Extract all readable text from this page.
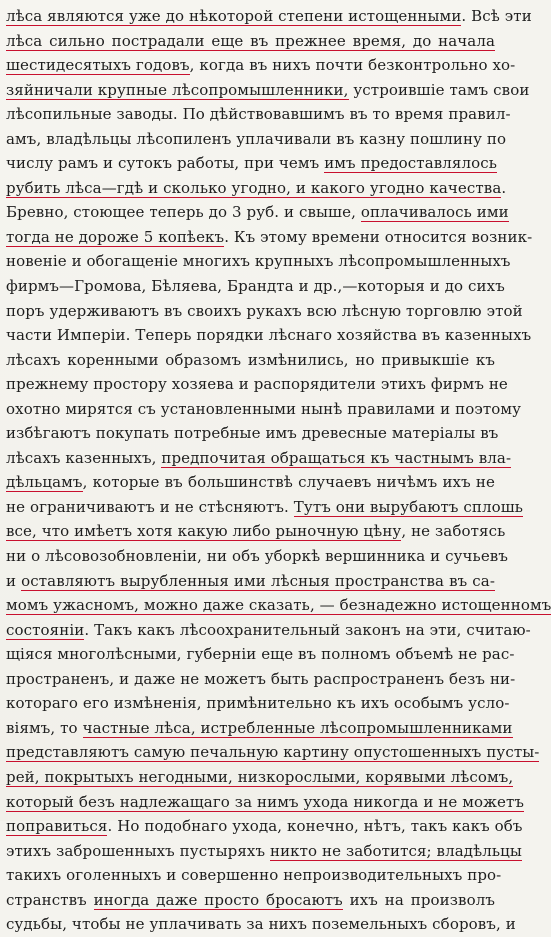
лѣса являются уже до нѣкоторой степени истощенными. Всѣ эти
лѣса сильно пострадали еще въ прежнее время, до начала
шестидесятыхъ годовъ, когда въ нихъ почти безконтрольно хо-
зяйничали крупные лѣсопромышленники, устроившіе тамъ свои
лѣсопильные заводы. По дѣйствовавшимъ въ то время правил-
амъ, владѣльцы лѣсопиленъ уплачивали въ казну пошлину по
числу рамъ и сутокъ работы, при чемъ имъ предоставлялось
рубить лѣса—гдѣ и сколько угодно, и какого угодно качества.
Бревно, стоющее теперь до 3 руб. и свыше, оплачивалось ими
тогда не дороже 5 копѣекъ. Къ этому времени относится возник-
новеніе и обогащеніе многихъ крупныхъ лѣсопромышленныхъ
фирмъ—Громова, Бѣляева, Брандта и др.,—которыя и до сихъ
поръ удерживаютъ въ своихъ рукахъ всю лѣсную торговлю этой
части Имперіи. Теперь порядки лѣснаго хозяйства въ казенныхъ
лѣсахъ коренными образомъ измѣнились, но привыкшіе къ
прежнему простору хозяева и распорядители этихъ фирмъ не
охотно мирятся съ установленными нынѣ правилами и поэтому
избѣгаютъ покупать потребные имъ древесные матеріалы въ
лѣсахъ казенныхъ, предпочитая обращаться къ частнымъ вла-
дѣльцамъ, которые въ большинствѣ случаевъ ничѣмъ ихъ не
не ограничиваютъ и не стѣсняютъ. Тутъ они вырубаютъ сплошь
все, что имѣетъ хотя какую либо рыночную цѣну, не заботясь
ни о лѣсовозобновленіи, ни объ уборкѣ вершинника и сучьевъ
и оставляютъ вырубленныя ими лѣсныя пространства въ са-
момъ ужасномъ, можно даже сказать, — безнадежно истощенномъ
состояніи. Такъ какъ лѣсоохранительный законъ на эти, считаю-
щіяся многолѣсными, губерніи еще въ полномъ объемѣ не рас-
пространенъ, и даже не можетъ быть распространенъ безъ ни-
котораго его измѣненія, примѣнительно къ ихъ особымъ усло-
віямъ, то частные лѣса, истребленные лѣсопромышленниками
представляютъ самую печальную картину опустошенныхъ пусты-
рей, покрытыхъ негодными, низкорослыми, корявыми лѣсомъ,
который безъ надлежащаго за нимъ ухода никогда и не можетъ
поправиться. Но подобнаго ухода, конечно, нѣтъ, такъ какъ объ
этихъ заброшенныхъ пустыряхъ никто не заботится; владѣльцы
такихъ оголенныхъ и совершенно непроизводительныхъ про-
странствъ иногда даже просто бросаютъ ихъ на произволъ
судьбы, чтобы не уплачивать за нихъ поземельныхъ сборовъ, и
